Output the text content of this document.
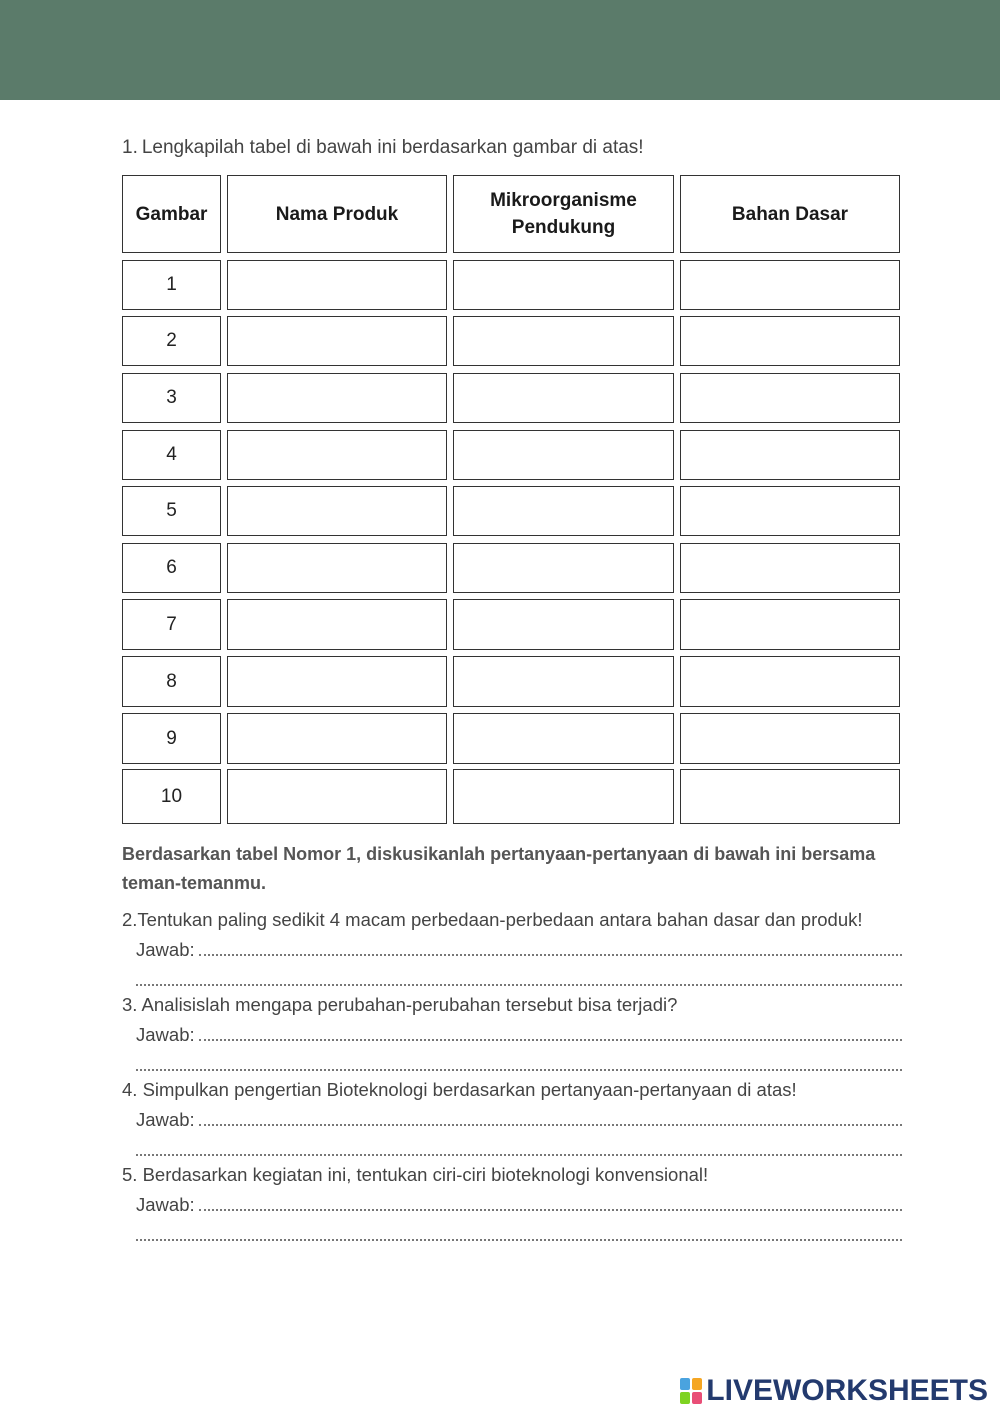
1. Lengkapilah tabel di bawah ini berdasarkan gambar di atas!
Gambar	Nama Produk
Mikroorganisme Pendukung
Bahan Dasar
1
2
3
4
5
6
7
8
9
10
Berdasarkan tabel Nomor 1, diskusikanlah pertanyaan-pertanyaan di bawah ini bersama teman-temanmu.
2.Tentukan paling sedikit 4 macam perbedaan-perbedaan antara bahan dasar dan produk!
Jawab:
3. Analisislah mengapa perubahan-perubahan tersebut bisa terjadi?
Jawab:
4. Simpulkan pengertian Bioteknologi berdasarkan pertanyaan-pertanyaan di atas!
Jawab:
5. Berdasarkan kegiatan ini, tentukan ciri-ciri bioteknologi konvensional!
Jawab:
LIVEWORKSHEETS
